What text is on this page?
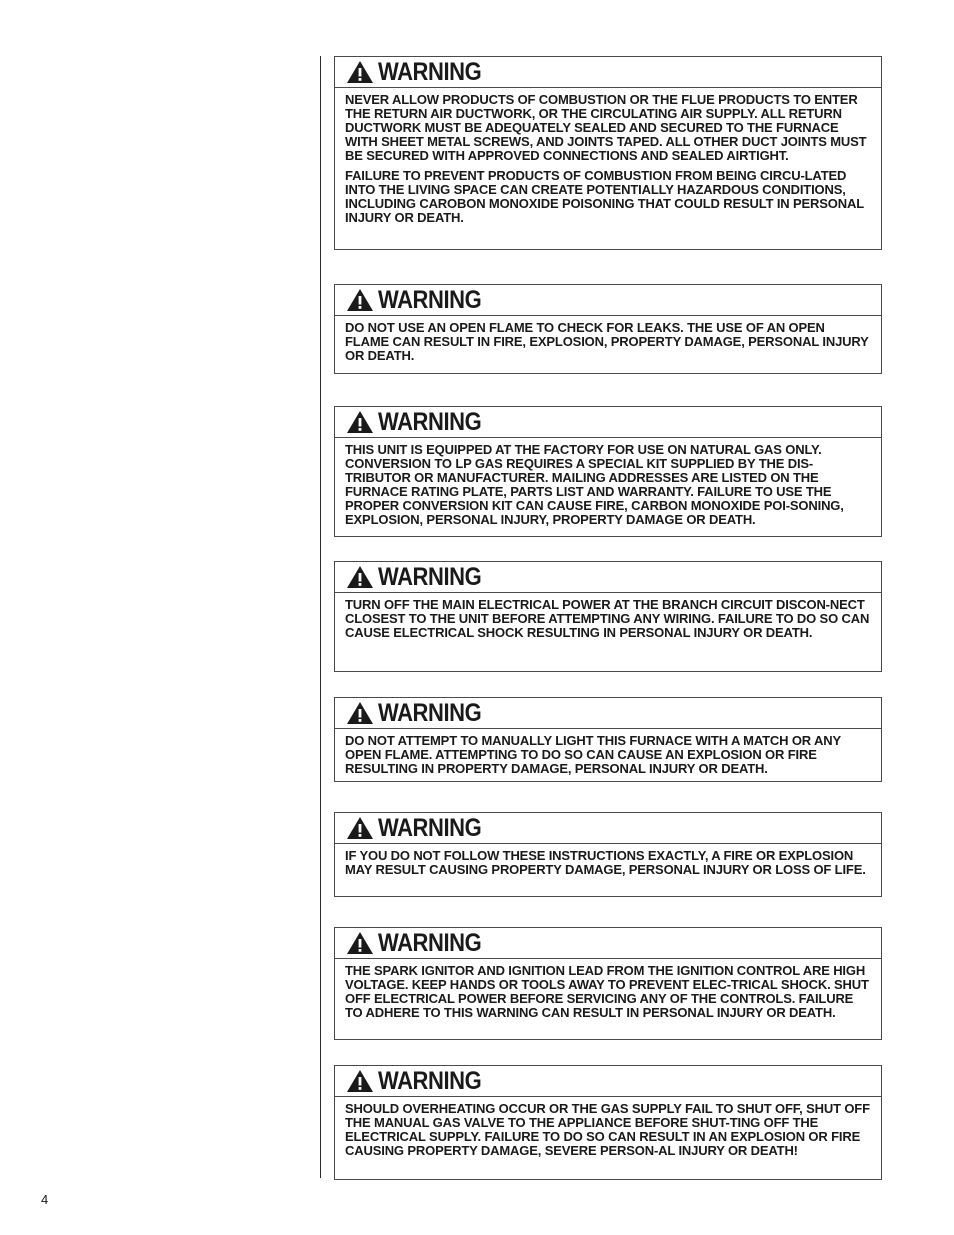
WARNING

NEVER ALLOW PRODUCTS OF COMBUSTION OR THE FLUE PRODUCTS TO ENTER THE RETURN AIR DUCTWORK, OR THE CIRCULATING AIR SUPPLY. ALL RETURN DUCTWORK MUST BE ADEQUATELY SEALED AND SECURED TO THE FURNACE WITH SHEET METAL SCREWS, AND JOINTS TAPED. ALL OTHER DUCT JOINTS MUST BE SECURED WITH APPROVED CONNECTIONS AND SEALED AIRTIGHT.

FAILURE TO PREVENT PRODUCTS OF COMBUSTION FROM BEING CIRCU-LATED INTO THE LIVING SPACE CAN CREATE POTENTIALLY HAZARDOUS CONDITIONS, INCLUDING CAROBON MONOXIDE POISONING THAT COULD RESULT IN PERSONAL INJURY OR DEATH.

WARNING

DO NOT USE AN OPEN FLAME TO CHECK FOR LEAKS. THE USE OF AN OPEN FLAME CAN RESULT IN FIRE, EXPLOSION, PROPERTY DAMAGE, PERSONAL INJURY OR DEATH.

WARNING

THIS UNIT IS EQUIPPED AT THE FACTORY FOR USE ON NATURAL GAS ONLY. CONVERSION TO LP GAS REQUIRES A SPECIAL KIT SUPPLIED BY THE DIS-TRIBUTOR OR MANUFACTURER. MAILING ADDRESSES ARE LISTED ON THE FURNACE RATING PLATE, PARTS LIST AND WARRANTY. FAILURE TO USE THE PROPER CONVERSION KIT CAN CAUSE FIRE, CARBON MONOXIDE POI-SONING, EXPLOSION, PERSONAL INJURY, PROPERTY DAMAGE OR DEATH.

WARNING

TURN OFF THE MAIN ELECTRICAL POWER AT THE BRANCH CIRCUIT DISCON-NECT CLOSEST TO THE UNIT BEFORE ATTEMPTING ANY WIRING. FAILURE TO DO SO CAN CAUSE ELECTRICAL SHOCK RESULTING IN PERSONAL INJURY OR DEATH.

WARNING

DO NOT ATTEMPT TO MANUALLY LIGHT THIS FURNACE WITH A MATCH OR ANY OPEN FLAME. ATTEMPTING TO DO SO CAN CAUSE AN EXPLOSION OR FIRE RESULTING IN PROPERTY DAMAGE, PERSONAL INJURY OR DEATH.

WARNING

IF YOU DO NOT FOLLOW THESE INSTRUCTIONS EXACTLY, A FIRE OR EXPLOSION MAY RESULT CAUSING PROPERTY DAMAGE, PERSONAL INJURY OR LOSS OF LIFE.

WARNING

THE SPARK IGNITOR AND IGNITION LEAD FROM THE IGNITION CONTROL ARE HIGH VOLTAGE. KEEP HANDS OR TOOLS AWAY TO PREVENT ELEC-TRICAL SHOCK. SHUT OFF ELECTRICAL POWER BEFORE SERVICING ANY OF THE CONTROLS. FAILURE TO ADHERE TO THIS WARNING CAN RESULT IN PERSONAL INJURY OR DEATH.

WARNING

SHOULD OVERHEATING OCCUR OR THE GAS SUPPLY FAIL TO SHUT OFF, SHUT OFF THE MANUAL GAS VALVE TO THE APPLIANCE BEFORE SHUT-TING OFF THE ELECTRICAL SUPPLY. FAILURE TO DO SO CAN RESULT IN AN EXPLOSION OR FIRE CAUSING PROPERTY DAMAGE, SEVERE PERSON-AL INJURY OR DEATH!

4
